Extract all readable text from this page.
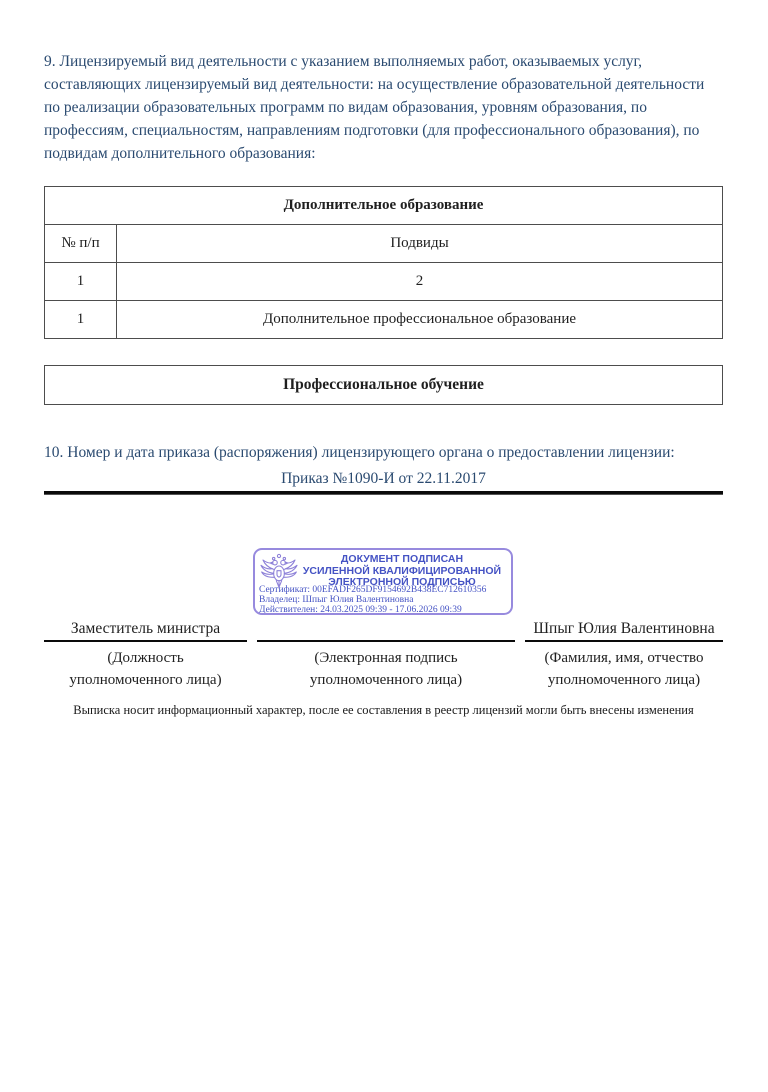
9. Лицензируемый вид деятельности с указанием выполняемых работ, оказываемых услуг, составляющих лицензируемый вид деятельности: на осуществление образовательной деятельности по реализации образовательных программ по видам образования, уровням образования, по профессиям, специальностям, направлениям подготовки (для профессионального образования), по подвидам дополнительного образования:

Дополнительное образование	
№ п/п	Подвиды
1	2
1	Дополнительное профессиональное образование
Профессиональное обучение

10. Номер и дата приказа (распоряжения) лицензирующего органа о предоставлении лицензии:

Приказ №1090-И от 22.11.2017
ДОКУМЕНТ ПОДПИСАН
УСИЛЕННОЙ КВАЛИФИЦИРОВАННОЙ
ЭЛЕКТРОННОЙ ПОДПИСЬЮ
Сертификат: 00EFADF265DF9154692B438EC712610356
Владелец: Шпыг Юлия Валентиновна
Действителен: 24.03.2025 09:39 - 17.06.2026 09:39
Заместитель министра
(Должность
уполномоченного лица)
(Электронная подпись
уполномоченного лица)
Шпыг Юлия Валентиновна
(Фамилия, имя, отчество
уполномоченного лица)
Выписка носит информационный характер, после ее составления в реестр лицензий могли быть внесены изменения
